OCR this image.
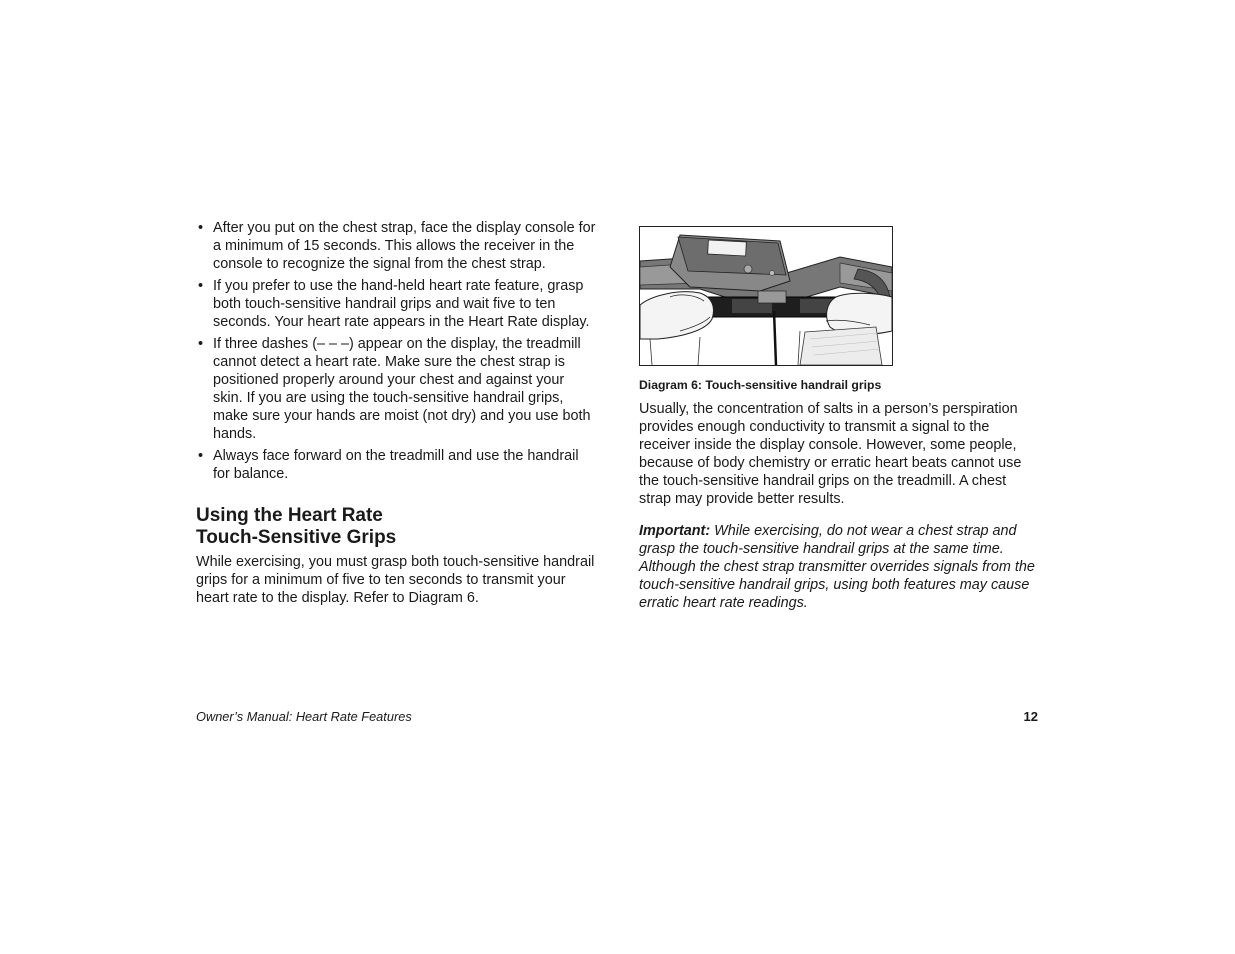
• After you put on the chest strap, face the display console for a minimum of 15 seconds. This allows the receiver in the console to recognize the signal from the chest strap.
• If you prefer to use the hand-held heart rate feature, grasp both touch-sensitive handrail grips and wait five to ten seconds. Your heart rate appears in the Heart Rate display.
• If three dashes (– – –) appear on the display, the treadmill cannot detect a heart rate. Make sure the chest strap is positioned properly around your chest and against your skin. If you are using the touch-sensitive handrail grips, make sure your hands are moist (not dry) and you use both hands.
• Always face forward on the treadmill and use the handrail for balance.
Using the Heart Rate
Touch-Sensitive Grips

While exercising, you must grasp both touch-sensitive handrail grips for a minimum of five to ten seconds to transmit your heart rate to the display. Refer to Diagram 6.

Diagram 6: Touch-sensitive handrail grips

Usually, the concentration of salts in a person’s perspiration provides enough conductivity to transmit a signal to the receiver inside the display console. However, some people, because of body chemistry or erratic heart beats cannot use the touch-sensitive handrail grips on the treadmill. A chest strap may provide better results.

Important: While exercising, do not wear a chest strap and grasp the touch-sensitive handrail grips at the same time. Although the chest strap transmitter overrides signals from the touch-sensitive handrail grips, using both features may cause erratic heart rate readings.

Owner’s Manual: Heart Rate Features	12
